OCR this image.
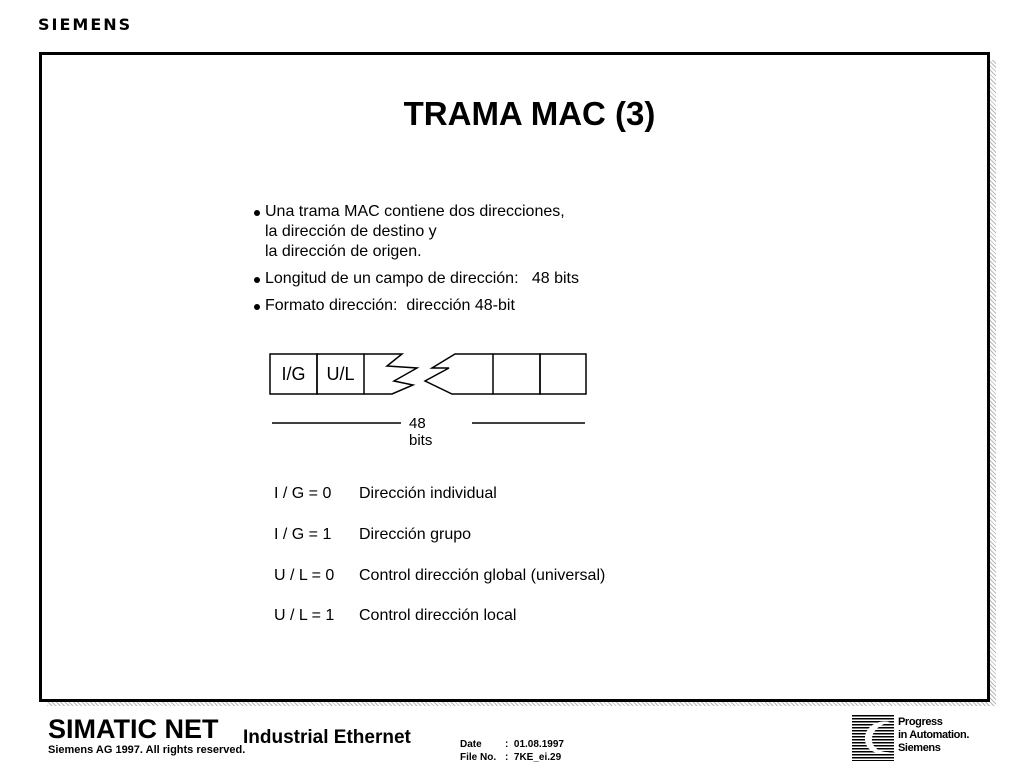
SIEMENS
TRAMA MAC (3)
Una trama MAC contiene dos direcciones,
la dirección de destino y
la dirección de origen.
Longitud de un campo de dirección:   48 bits
Formato dirección:  dirección 48-bit
I/G	U/L
48 bits
I / G = 0 Dirección individual
I / G = 1 Dirección grupo
U / L = 0 Control dirección global (universal)
U / L = 1 Control dirección local
SIMATIC NET Industrial Ethernet
Siemens AG 1997. All rights reserved.	Date :  01.08.1997
File No. :  7KE_ei.29
Progress
in Automation.
Siemens
